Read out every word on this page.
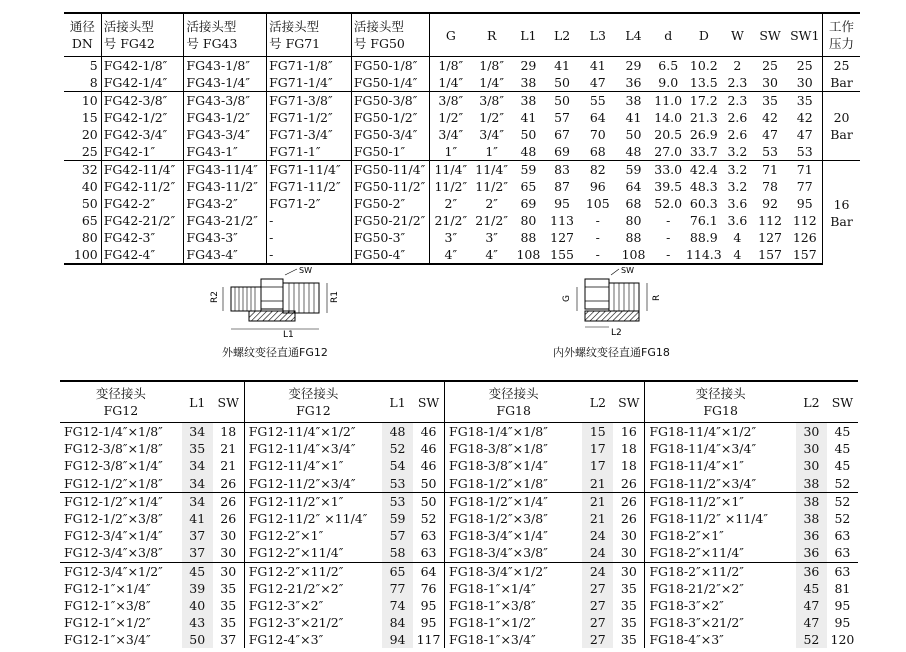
通径
DN	活接头型
号 FG42	活接头型
号 FG43	活接头型
号 FG71	活接头型
号 FG50	G	R	L1	L2	L3	L4	d	D	W	SW	SW1	工作
压力
5	FG42-1/8″	FG43-1/8″	FG71-1/8″	FG50-1/8″	1/8″	1/8″	29	41	41	29	6.5	10.2	2	25	25	25
Bar
8	FG42-1/4″	FG43-1/4″	FG71-1/4″	FG50-1/4″	1/4″	1/4″	38	50	47	36	9.0	13.5	2.3	30	30	
10	FG42-3/8″	FG43-3/8″	FG71-3/8″	FG50-3/8″	3/8″	3/8″	38	50	55	38	11.0	17.2	2.3	35	35	20
Bar
15	FG42-1/2″	FG43-1/2″	FG71-1/2″	FG50-1/2″	1/2″	1/2″	41	57	64	41	14.0	21.3	2.6	42	42	
20	FG42-3/4″	FG43-3/4″	FG71-3/4″	FG50-3/4″	3/4″	3/4″	50	67	70	50	20.5	26.9	2.6	47	47	
25	FG42-1″	FG43-1″	FG71-1″	FG50-1″	1″	1″	48	69	68	48	27.0	33.7	3.2	53	53	
32	FG42-11/4″	FG43-11/4″	FG71-11/4″	FG50-11/4″	11/4″	11/4″	59	83	82	59	33.0	42.4	3.2	71	71	16
Bar
40	FG42-11/2″	FG43-11/2″	FG71-11/2″	FG50-11/2″	11/2″	11/2″	65	87	96	64	39.5	48.3	3.2	78	77	
50	FG42-2″	FG43-2″	FG71-2″	FG50-2″	2″	2″	69	95	105	68	52.0	60.3	3.6	92	95	
65	FG42-21/2″	FG43-21/2″	-	FG50-21/2″	21/2″	21/2″	80	113	-	80	-	76.1	3.6	112	112	
80	FG42-3″	FG43-3″	-	FG50-3″	3″	3″	88	127	-	88	-	88.9	4	127	126	
100	FG42-4″	FG43-4″	-	FG50-4″	4″	4″	108	155	-	108	-	114.3	4	157	157	
SW
R2	R1
L1
外螺纹变径直通FG12
SW
G	R
L2
内外螺纹变径直通FG18
变径接头
FG12	L1	SW	变径接头
FG12	L1	SW	变径接头
FG18	L2	SW	变径接头
FG18	L2	SW
FG12-1/4″×1/8″	34	18	FG12-11/4″×1/2″	48	46	FG18-1/4″×1/8″	15	16	FG18-11/4″×1/2″	30	45
FG12-3/8″×1/8″	35	21	FG12-11/4″×3/4″	52	46	FG18-3/8″×1/8″	17	18	FG18-11/4″×3/4″	30	45
FG12-3/8″×1/4″	34	21	FG12-11/4″×1″	54	46	FG18-3/8″×1/4″	17	18	FG18-11/4″×1″	30	45
FG12-1/2″×1/8″	34	26	FG12-11/2″×3/4″	53	50	FG18-1/2″×1/8″	21	26	FG18-11/2″×3/4″	38	52
FG12-1/2″×1/4″	34	26	FG12-11/2″×1″	53	50	FG18-1/2″×1/4″	21	26	FG18-11/2″×1″	38	52
FG12-1/2″×3/8″	41	26	FG12-11/2″ ×11/4″	59	52	FG18-1/2″×3/8″	21	26	FG18-11/2″ ×11/4″	38	52
FG12-3/4″×1/4″	37	30	FG12-2″×1″	57	63	FG18-3/4″×1/4″	24	30	FG18-2″×1″	36	63
FG12-3/4″×3/8″	37	30	FG12-2″×11/4″	58	63	FG18-3/4″×3/8″	24	30	FG18-2″×11/4″	36	63
FG12-3/4″×1/2″	45	30	FG12-2″×11/2″	65	64	FG18-3/4″×1/2″	24	30	FG18-2″×11/2″	36	63
FG12-1″×1/4″	39	35	FG12-21/2″×2″	77	76	FG18-1″×1/4″	27	35	FG18-21/2″×2″	45	81
FG12-1″×3/8″	40	35	FG12-3″×2″	74	95	FG18-1″×3/8″	27	35	FG18-3″×2″	47	95
FG12-1″×1/2″	43	35	FG12-3″×21/2″	84	95	FG18-1″×1/2″	27	35	FG18-3″×21/2″	47	95
FG12-1″×3/4″	50	37	FG12-4″×3″	94	117	FG18-1″×3/4″	27	35	FG18-4″×3″	52	120
